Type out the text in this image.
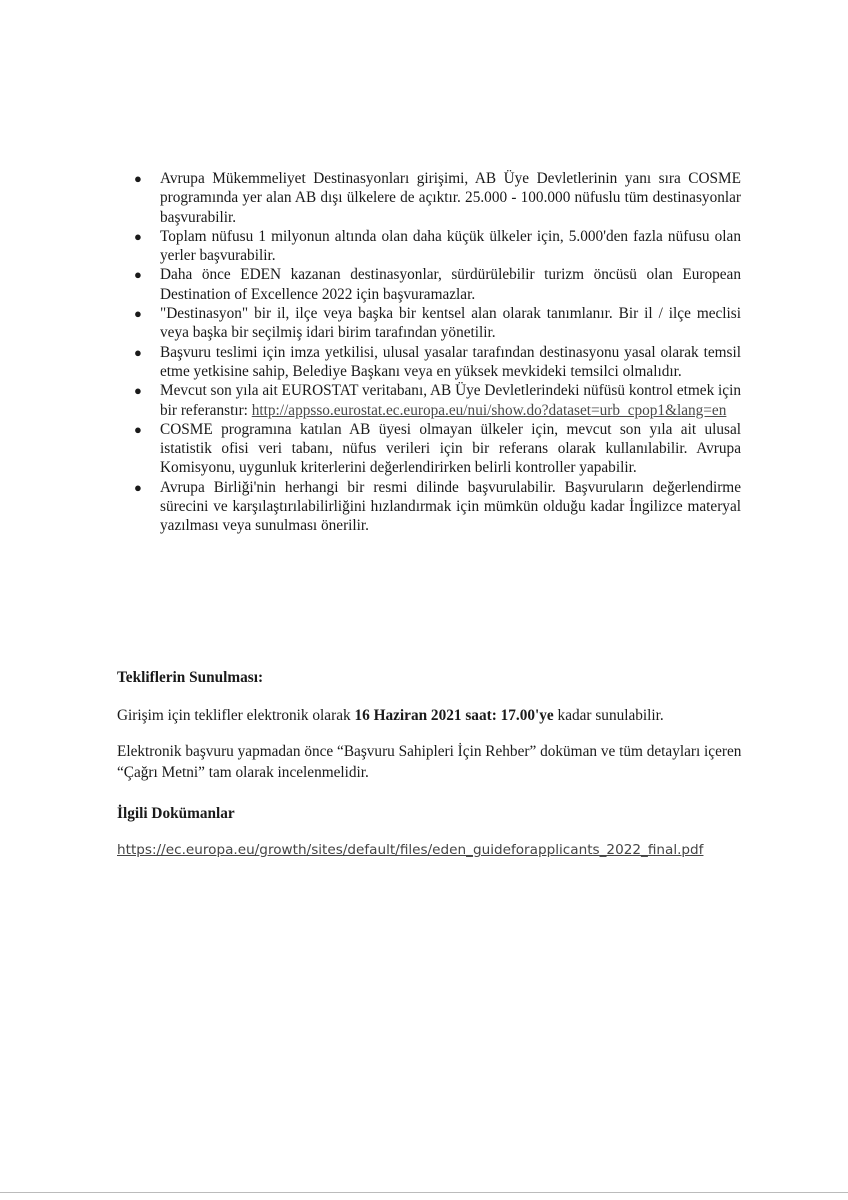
● Avrupa Mükemmeliyet Destinasyonları girişimi, AB Üye Devletlerinin yanı sıra COSME programında yer alan AB dışı ülkelere de açıktır. 25.000 - 100.000 nüfuslu tüm destinasyonlar başvurabilir.
● Toplam nüfusu 1 milyonun altında olan daha küçük ülkeler için, 5.000'den fazla nüfusu olan yerler başvurabilir.
● Daha önce EDEN kazanan destinasyonlar, sürdürülebilir turizm öncüsü olan European Destination of Excellence 2022 için başvuramazlar.
● "Destinasyon" bir il, ilçe veya başka bir kentsel alan olarak tanımlanır. Bir il / ilçe meclisi veya başka bir seçilmiş idari birim tarafından yönetilir.
● Başvuru teslimi için imza yetkilisi, ulusal yasalar tarafından destinasyonu yasal olarak temsil etme yetkisine sahip, Belediye Başkanı veya en yüksek mevkideki temsilci olmalıdır.
● Mevcut son yıla ait EUROSTAT veritabanı, AB Üye Devletlerindeki nüfüsü kontrol etmek için bir referanstır: http://appsso.eurostat.ec.europa.eu/nui/show.do?dataset=urb_cpop1&lang=en
● COSME programına katılan AB üyesi olmayan ülkeler için, mevcut son yıla ait ulusal istatistik ofisi veri tabanı, nüfus verileri için bir referans olarak kullanılabilir. Avrupa Komisyonu, uygunluk kriterlerini değerlendirirken belirli kontroller yapabilir.
● Avrupa Birliği'nin herhangi bir resmi dilinde başvurulabilir. Başvuruların değerlendirme sürecini ve karşılaştırılabilirliğini hızlandırmak için mümkün olduğu kadar İngilizce materyal yazılması veya sunulması önerilir.
Tekliflerin Sunulması:
Girişim için teklifler elektronik olarak 16 Haziran 2021 saat: 17.00'ye kadar sunulabilir.
Elektronik başvuru yapmadan önce “Başvuru Sahipleri İçin Rehber” doküman ve tüm detayları içeren “Çağrı Metni” tam olarak incelenmelidir.
İlgili Dokümanlar
https://ec.europa.eu/growth/sites/default/files/eden_guideforapplicants_2022_final.pdf
